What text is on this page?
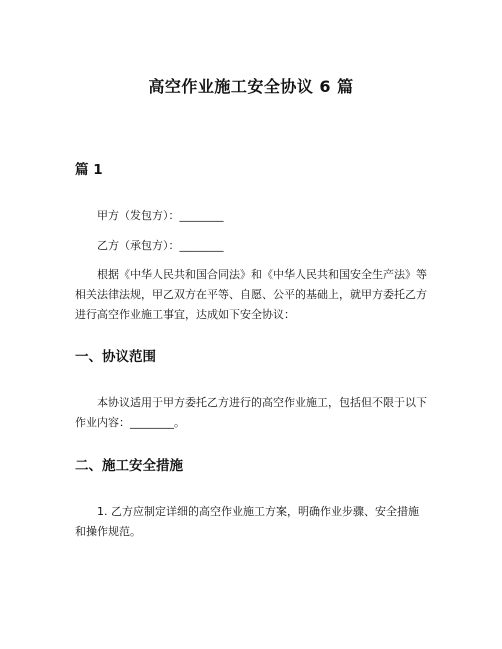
高空作业施工安全协议 6 篇
篇 1

甲方（发包方）：________

乙方（承包方）：________

根据《中华人民共和国合同法》和《中华人民共和国安全生产法》等相关法律法规，甲乙双方在平等、自愿、公平的基础上，就甲方委托乙方进行高空作业施工事宜，达成如下安全协议：

一、协议范围

本协议适用于甲方委托乙方进行的高空作业施工，包括但不限于以下作业内容：________。

二、施工安全措施

1. 乙方应制定详细的高空作业施工方案，明确作业步骤、安全措施和操作规范。
